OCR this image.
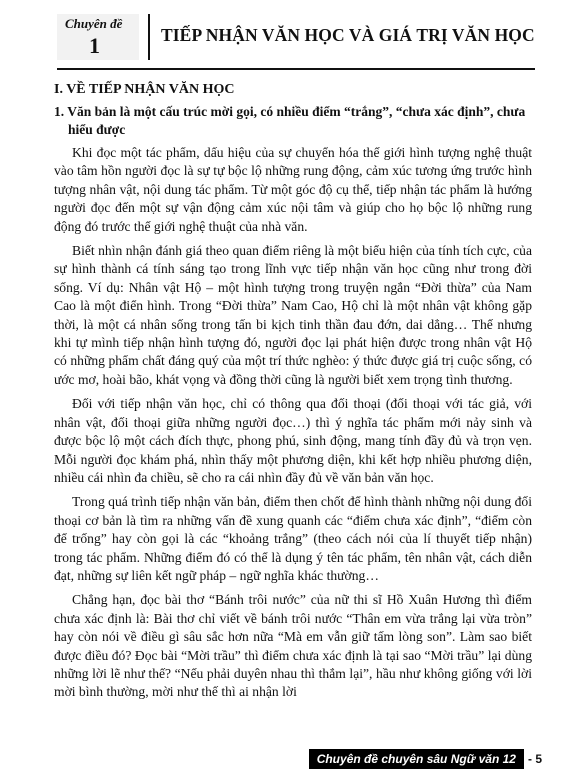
Chuyên đề
1	TIẾP NHẬN VĂN HỌC VÀ GIÁ TRỊ VĂN HỌC
I. VỀ TIẾP NHẬN VĂN HỌC
1. Văn bản là một cấu trúc mời gọi, có nhiều điểm “trắng”, “chưa xác định”, chưa hiểu được

Khi đọc một tác phẩm, dấu hiệu của sự chuyển hóa thế giới hình tượng nghệ thuật vào tâm hồn người đọc là sự tự bộc lộ những rung động, cảm xúc tương ứng trước hình tượng nhân vật, nội dung tác phẩm. Từ một góc độ cụ thể, tiếp nhận tác phẩm là hướng người đọc đến một sự vận động cảm xúc nội tâm và giúp cho họ bộc lộ những rung động đó trước thế giới nghệ thuật của nhà văn.

Biết nhìn nhận đánh giá theo quan điểm riêng là một biểu hiện của tính tích cực, của sự hình thành cá tính sáng tạo trong lĩnh vực tiếp nhận văn học cũng như trong đời sống. Ví dụ: Nhân vật Hộ – một hình tượng trong truyện ngắn “Đời thừa” của Nam Cao là một điển hình. Trong “Đời thừa” Nam Cao, Hộ chỉ là một nhân vật không gặp thời, là một cá nhân sống trong tấn bi kịch tinh thần đau đớn, dai dẳng… Thế nhưng khi tự mình tiếp nhận hình tượng đó, người đọc lại phát hiện được trong nhân vật Hộ có những phẩm chất đáng quý của một trí thức nghèo: ý thức được giá trị cuộc sống, có ước mơ, hoài bão, khát vọng và đồng thời cũng là người biết xem trọng tình thương.

Đối với tiếp nhận văn học, chỉ có thông qua đối thoại (đối thoại với tác giả, với nhân vật, đối thoại giữa những người đọc…) thì ý nghĩa tác phẩm mới nảy sinh và được bộc lộ một cách đích thực, phong phú, sinh động, mang tính đầy đủ và trọn vẹn. Mỗi người đọc khám phá, nhìn thấy một phương diện, khi kết hợp nhiều phương diện, nhiều cái nhìn đa chiều, sẽ cho ra cái nhìn đầy đủ về văn bản văn học.

Trong quá trình tiếp nhận văn bản, điểm then chốt để hình thành những nội dung đối thoại cơ bản là tìm ra những vấn đề xung quanh các “điểm chưa xác định”, “điểm còn để trống” hay còn gọi là các “khoảng trắng” (theo cách nói của lí thuyết tiếp nhận) trong tác phẩm. Những điểm đó có thể là dụng ý tên tác phẩm, tên nhân vật, cách diễn đạt, những sự liên kết ngữ pháp – ngữ nghĩa khác thường…

Chẳng hạn, đọc bài thơ “Bánh trôi nước” của nữ thi sĩ Hồ Xuân Hương thì điểm chưa xác định là: Bài thơ chỉ viết về bánh trôi nước “Thân em vừa trắng lại vừa tròn” hay còn nói về điều gì sâu sắc hơn nữa “Mà em vẫn giữ tấm lòng son”. Làm sao biết được điều đó? Đọc bài “Mời trầu” thì điểm chưa xác định là tại sao “Mời trầu” lại dùng những lời lẽ như thế? “Nếu phải duyên nhau thì thắm lại”, hầu như không giống với lời mời bình thường, mời như thế thì ai nhận lời

Chuyên đề chuyên sâu Ngữ văn 12	- 5
